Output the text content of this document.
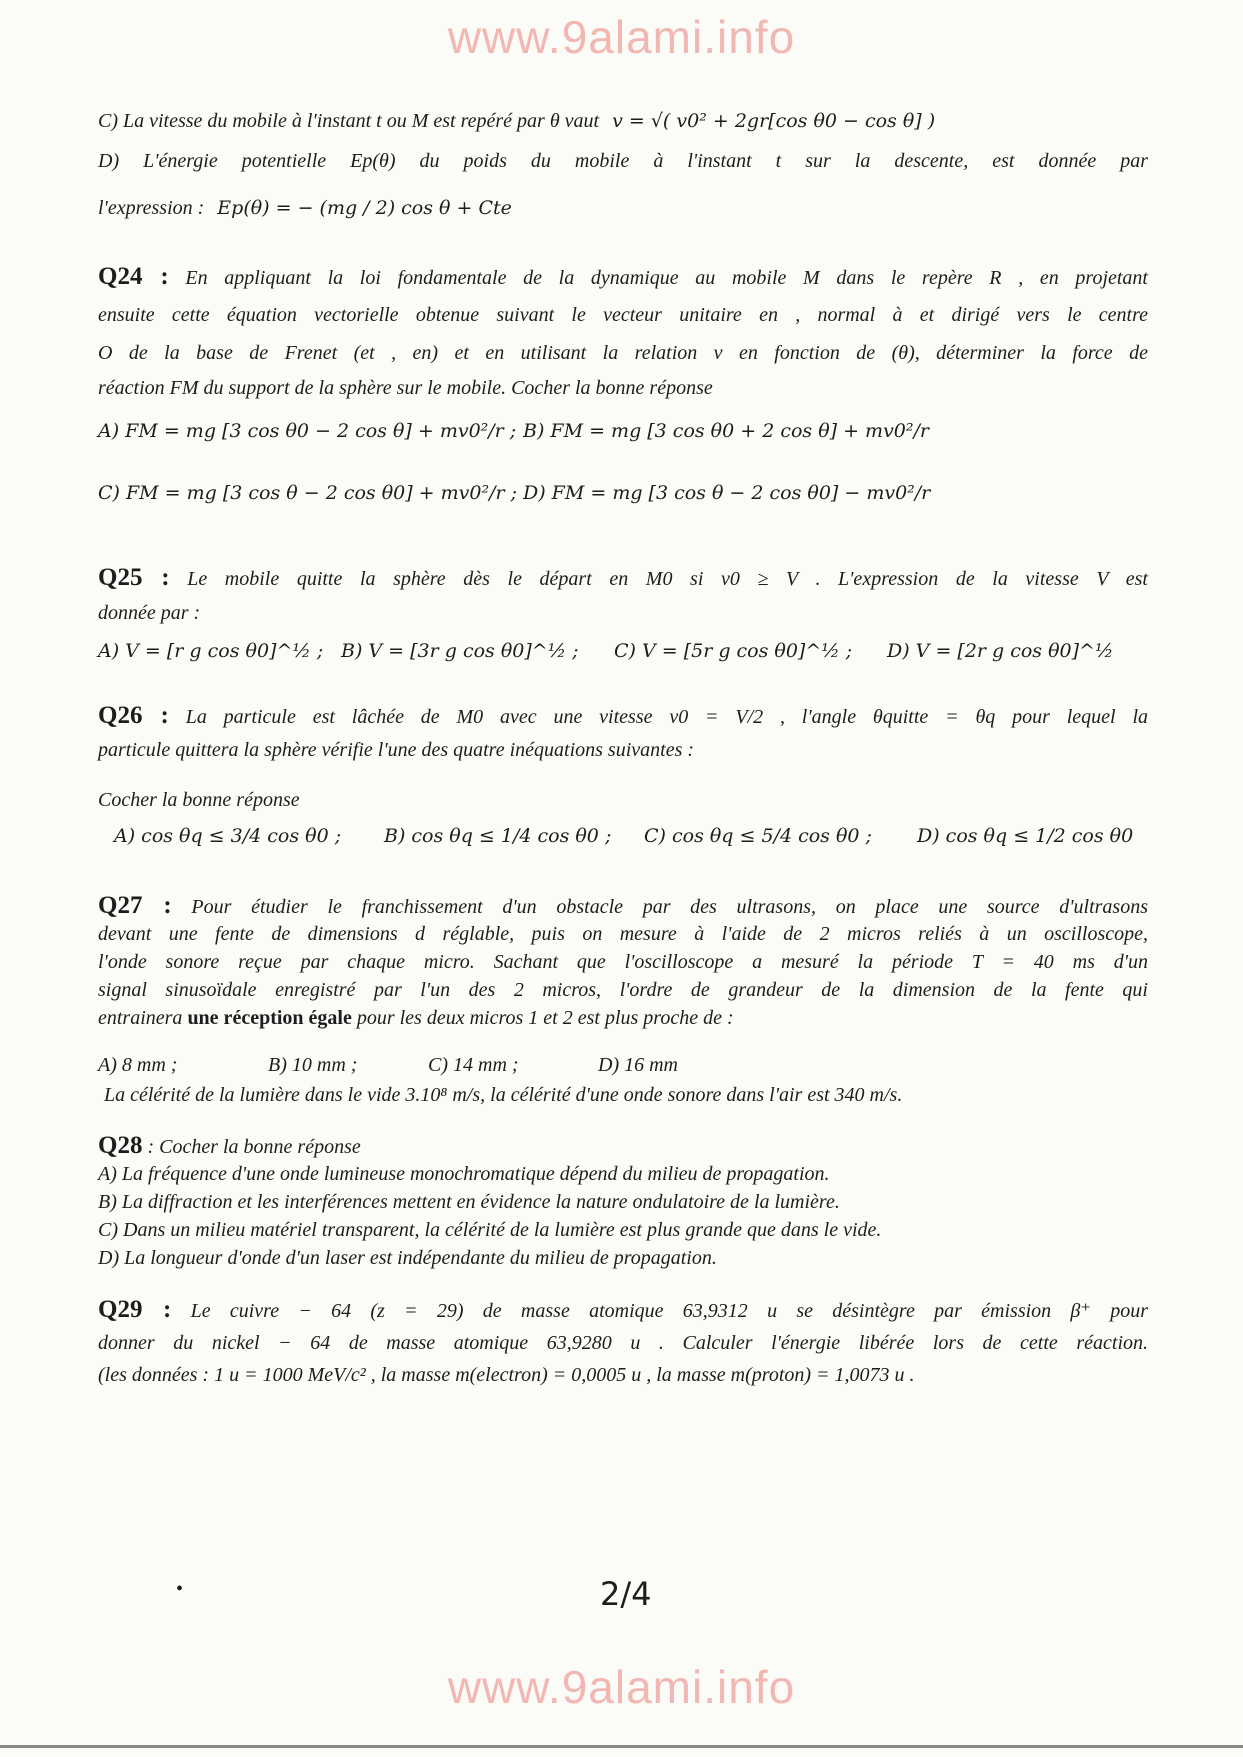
www.9alami.info
C) La vitesse du mobile à l'instant t ou M est repéré par θ vaut v = √( v0² + 2gr[cos θ0 − cos θ] )
D) L'énergie potentielle Ep(θ) du poids du mobile à l'instant t sur la descente, est donnée par
l'expression : Ep(θ) = − (mg / 2) cos θ + Cte
Q24 : En appliquant la loi fondamentale de la dynamique au mobile M dans le repère R , en projetant
ensuite cette équation vectorielle obtenue suivant le vecteur unitaire en , normal à et dirigé vers le centre
O de la base de Frenet (et , en) et en utilisant la relation v en fonction de (θ), déterminer la force de
réaction FM du support de la sphère sur le mobile. Cocher la bonne réponse
A) FM = mg [3 cos θ0 − 2 cos θ] + mv0²/r ; B) FM = mg [3 cos θ0 + 2 cos θ] + mv0²/r
C) FM = mg [3 cos θ − 2 cos θ0] + mv0²/r ; D) FM = mg [3 cos θ − 2 cos θ0] − mv0²/r
Q25 : Le mobile quitte la sphère dès le départ en M0 si v0 ≥ V . L'expression de la vitesse V est
donnée par :
A) V = [r g cos θ0]^½ ; B) V = [3r g cos θ0]^½ ; C) V = [5r g cos θ0]^½ ; D) V = [2r g cos θ0]^½
Q26 : La particule est lâchée de M0 avec une vitesse v0 = V/2 , l'angle θquitte = θq pour lequel la
particule quittera la sphère vérifie l'une des quatre inéquations suivantes :
Cocher la bonne réponse
A) cos θq ≤ 3/4 cos θ0 ; B) cos θq ≤ 1/4 cos θ0 ; C) cos θq ≤ 5/4 cos θ0 ; D) cos θq ≤ 1/2 cos θ0
Q27 : Pour étudier le franchissement d'un obstacle par des ultrasons, on place une source d'ultrasons
devant une fente de dimensions d réglable, puis on mesure à l'aide de 2 micros reliés à un oscilloscope,
l'onde sonore reçue par chaque micro. Sachant que l'oscilloscope a mesuré la période T = 40 ms d'un
signal sinusoïdale enregistré par l'un des 2 micros, l'ordre de grandeur de la dimension de la fente qui
entrainera une réception égale pour les deux micros 1 et 2 est plus proche de :
A) 8 mm ;	B) 10 mm ;	C) 14 mm ;	D) 16 mm
La célérité de la lumière dans le vide 3.10⁸ m/s, la célérité d'une onde sonore dans l'air est 340 m/s.
Q28 : Cocher la bonne réponse
A) La fréquence d'une onde lumineuse monochromatique dépend du milieu de propagation.
B) La diffraction et les interférences mettent en évidence la nature ondulatoire de la lumière.
C) Dans un milieu matériel transparent, la célérité de la lumière est plus grande que dans le vide.
D) La longueur d'onde d'un laser est indépendante du milieu de propagation.
Q29 : Le cuivre − 64 (z = 29) de masse atomique 63,9312 u se désintègre par émission β⁺ pour
donner du nickel − 64 de masse atomique 63,9280 u . Calculer l'énergie libérée lors de cette réaction.
(les données : 1 u = 1000 MeV/c² , la masse m(electron) = 0,0005 u , la masse m(proton) = 1,0073 u .
•	2/4
www.9alami.info
